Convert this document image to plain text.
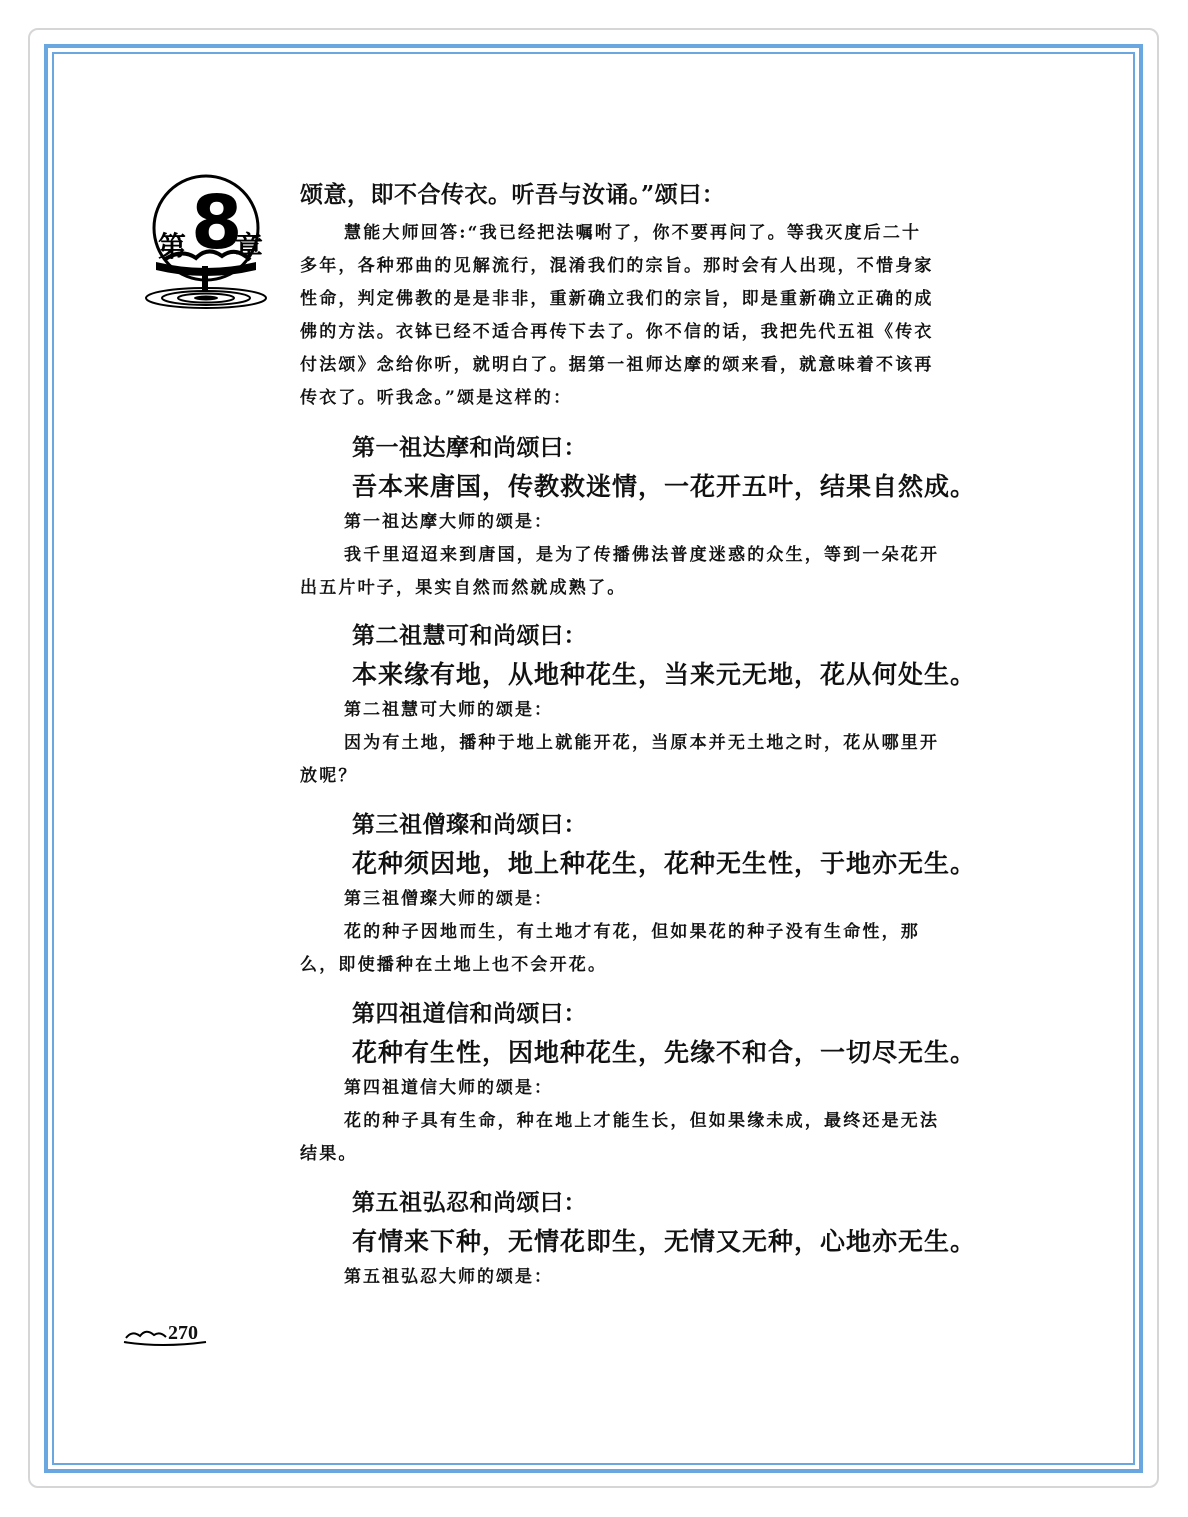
第 8
章
颂意，即不合传衣。听吾与汝诵。”颂曰：
慧能大师回答:“我已经把法嘱咐了，你不要再问了。等我灭度后二十
多年，各种邪曲的见解流行，混淆我们的宗旨。那时会有人出现，不惜身家
性命，判定佛教的是是非非，重新确立我们的宗旨，即是重新确立正确的成
佛的方法。衣钵已经不适合再传下去了。你不信的话，我把先代五祖《传衣
付法颂》念给你听，就明白了。据第一祖师达摩的颂来看，就意味着不该再
传衣了。听我念。”颂是这样的：
第一祖达摩和尚颂曰：
吾本来唐国，传教救迷情，一花开五叶，结果自然成。
第一祖达摩大师的颂是：
我千里迢迢来到唐国，是为了传播佛法普度迷惑的众生，等到一朵花开
出五片叶子，果实自然而然就成熟了。
第二祖慧可和尚颂曰：
本来缘有地，从地种花生，当来元无地，花从何处生。
第二祖慧可大师的颂是：
因为有土地，播种于地上就能开花，当原本并无土地之时，花从哪里开
放呢？
第三祖僧璨和尚颂曰：
花种须因地，地上种花生，花种无生性，于地亦无生。
第三祖僧璨大师的颂是：
花的种子因地而生，有土地才有花，但如果花的种子没有生命性，那
么，即使播种在土地上也不会开花。
第四祖道信和尚颂曰：
花种有生性，因地种花生，先缘不和合，一切尽无生。
第四祖道信大师的颂是：
花的种子具有生命，种在地上才能生长，但如果缘未成，最终还是无法
结果。
第五祖弘忍和尚颂曰：
有情来下种，无情花即生，无情又无种，心地亦无生。
第五祖弘忍大师的颂是：
270
